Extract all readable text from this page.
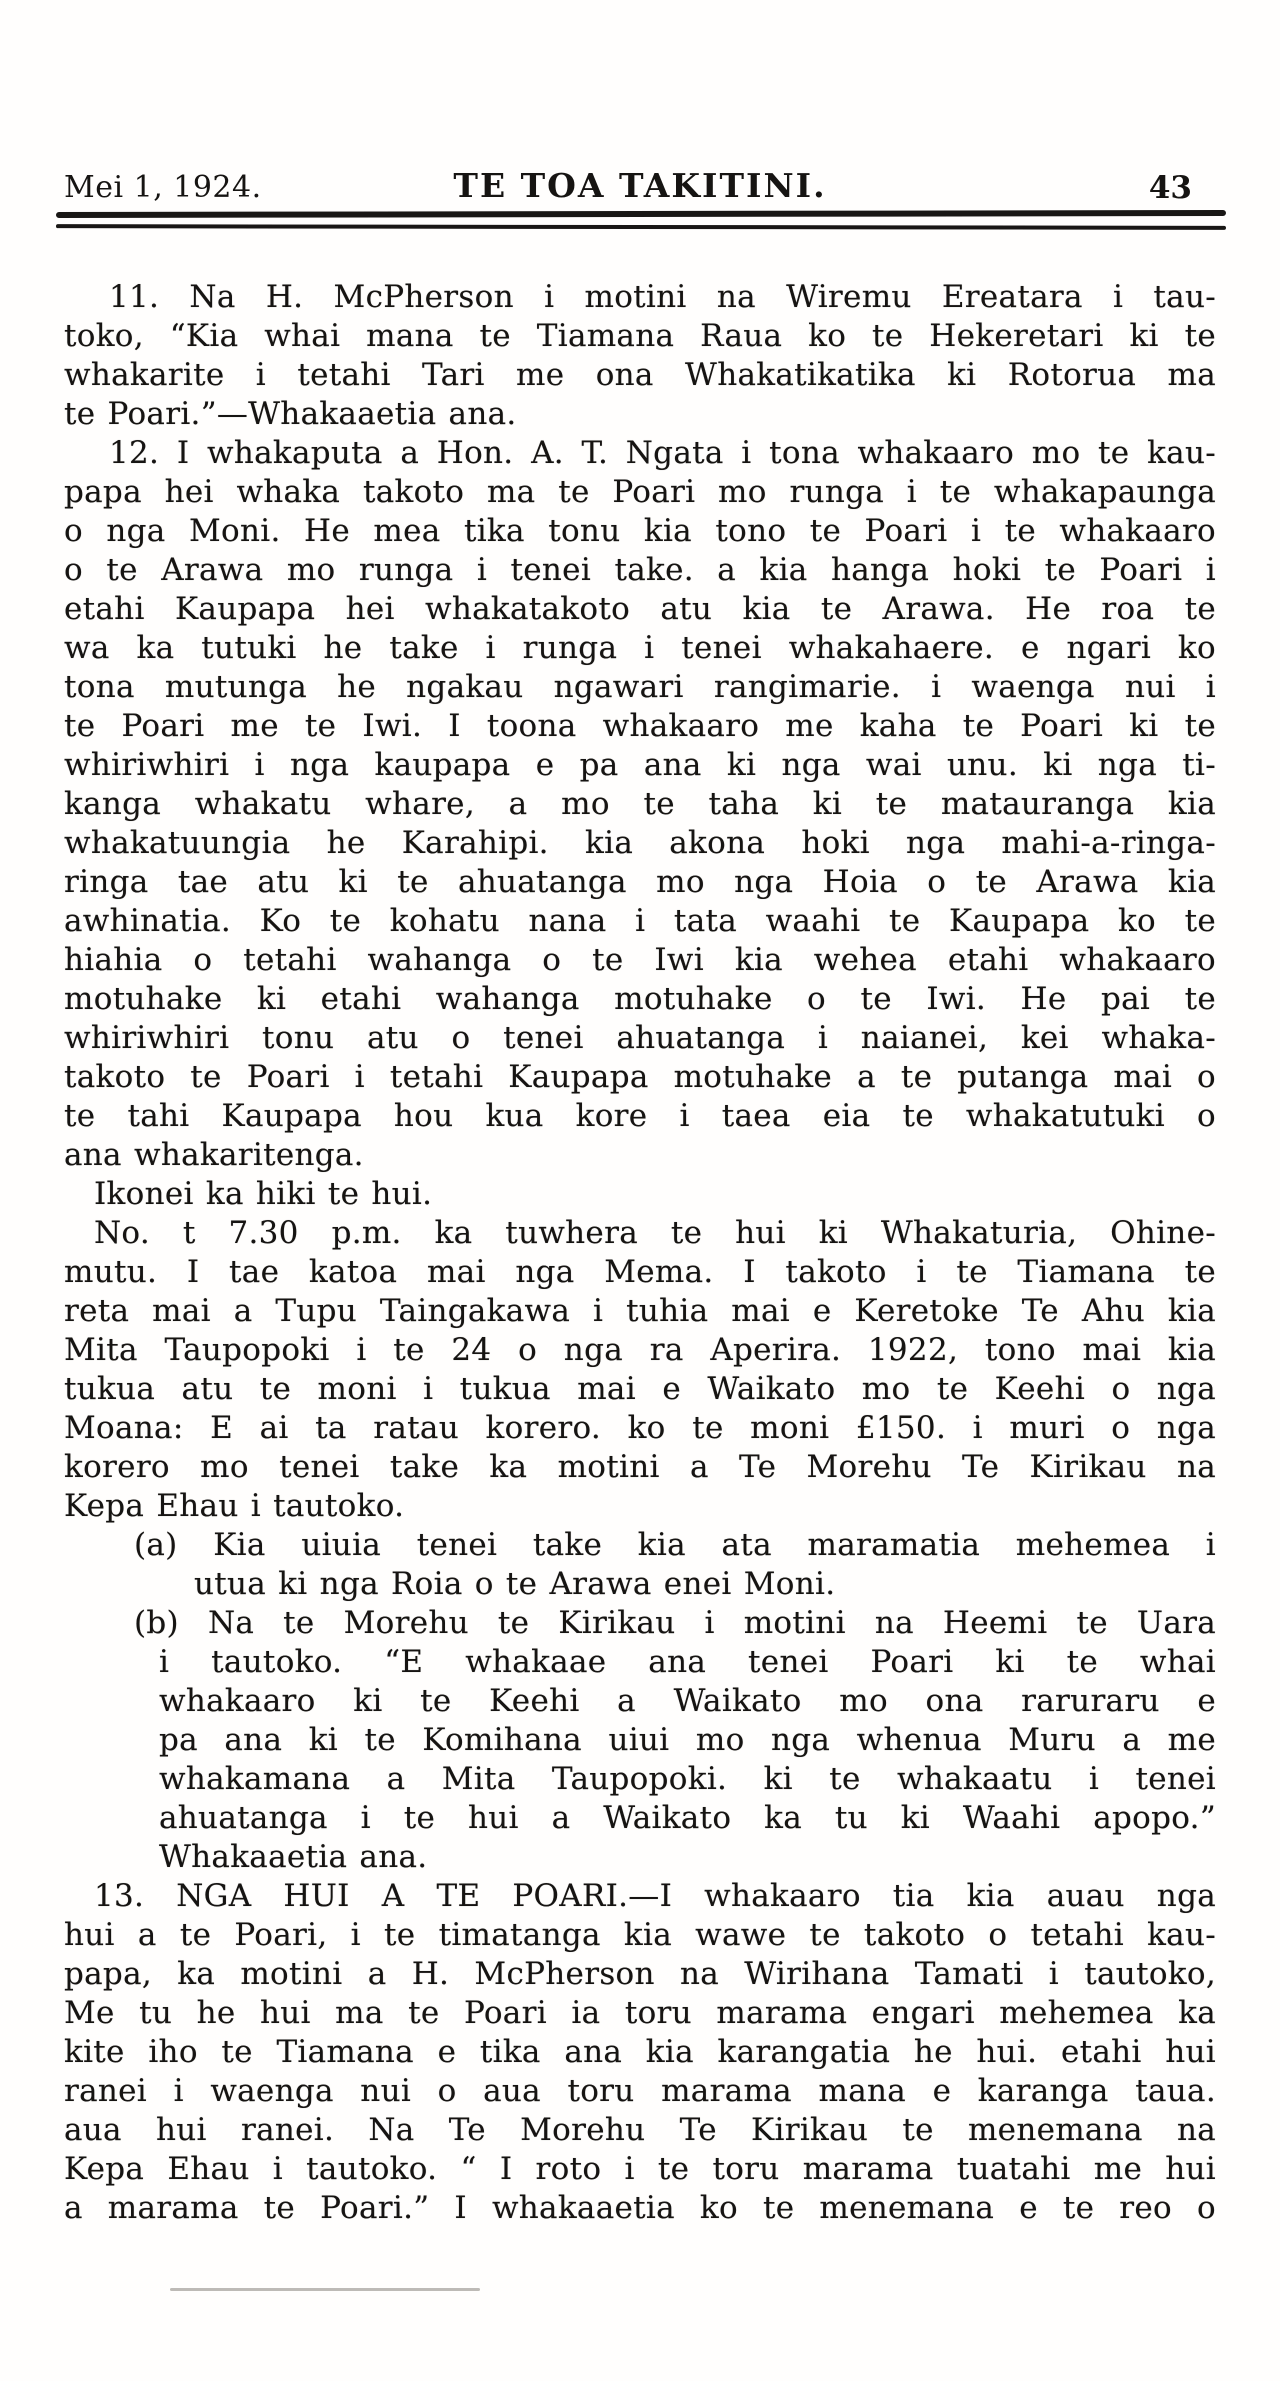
Mei 1, 1924.	TE TOA TAKITINI.	43
11. Na H. McPherson i motini na Wiremu Ereatara i tau-
toko, “Kia whai mana te Tiamana Raua ko te Hekeretari ki te
whakarite i tetahi Tari me ona Whakatikatika ki Rotorua ma
te Poari.”—Whakaaetia ana.
12. I whakaputa a Hon. A. T. Ngata i tona whakaaro mo te kau-
papa hei whaka takoto ma te Poari mo runga i te whakapaunga
o nga Moni. He mea tika tonu kia tono te Poari i te whakaaro
o te Arawa mo runga i tenei take. a kia hanga hoki te Poari i
etahi Kaupapa hei whakatakoto atu kia te Arawa. He roa te
wa ka tutuki he take i runga i tenei whakahaere. e ngari ko
tona mutunga he ngakau ngawari rangimarie. i waenga nui i
te Poari me te Iwi. I toona whakaaro me kaha te Poari ki te
whiriwhiri i nga kaupapa e pa ana ki nga wai unu. ki nga ti-
kanga whakatu whare, a mo te taha ki te matauranga kia
whakatuungia he Karahipi. kia akona hoki nga mahi-a-ringa-
ringa tae atu ki te ahuatanga mo nga Hoia o te Arawa kia
awhinatia. Ko te kohatu nana i tata waahi te Kaupapa ko te
hiahia o tetahi wahanga o te Iwi kia wehea etahi whakaaro
motuhake ki etahi wahanga motuhake o te Iwi. He pai te
whiriwhiri tonu atu o tenei ahuatanga i naianei, kei whaka-
takoto te Poari i tetahi Kaupapa motuhake a te putanga mai o
te tahi Kaupapa hou kua kore i taea eia te whakatutuki o
ana whakaritenga.
Ikonei ka hiki te hui.
No. t 7.30 p.m. ka tuwhera te hui ki Whakaturia, Ohine-
mutu. I tae katoa mai nga Mema. I takoto i te Tiamana te
reta mai a Tupu Taingakawa i tuhia mai e Keretoke Te Ahu kia
Mita Taupopoki i te 24 o nga ra Aperira. 1922, tono mai kia
tukua atu te moni i tukua mai e Waikato mo te Keehi o nga
Moana: E ai ta ratau korero. ko te moni £150. i muri o nga
korero mo tenei take ka motini a Te Morehu Te Kirikau na
Kepa Ehau i tautoko.
(a) Kia uiuia tenei take kia ata maramatia mehemea i
utua ki nga Roia o te Arawa enei Moni.
(b) Na te Morehu te Kirikau i motini na Heemi te Uara
i tautoko. “E whakaae ana tenei Poari ki te whai
whakaaro ki te Keehi a Waikato mo ona raruraru e
pa ana ki te Komihana uiui mo nga whenua Muru a me
whakamana a Mita Taupopoki. ki te whakaatu i tenei
ahuatanga i te hui a Waikato ka tu ki Waahi apopo.”
Whakaaetia ana.
13. NGA HUI A TE POARI.—I whakaaro tia kia auau nga
hui a te Poari, i te timatanga kia wawe te takoto o tetahi kau-
papa, ka motini a H. McPherson na Wirihana Tamati i tautoko,
Me tu he hui ma te Poari ia toru marama engari mehemea ka
kite iho te Tiamana e tika ana kia karangatia he hui. etahi hui
ranei i waenga nui o aua toru marama mana e karanga taua.
aua hui ranei. Na Te Morehu Te Kirikau te menemana na
Kepa Ehau i tautoko. “ I roto i te toru marama tuatahi me hui
a marama te Poari.” I whakaaetia ko te menemana e te reo o
